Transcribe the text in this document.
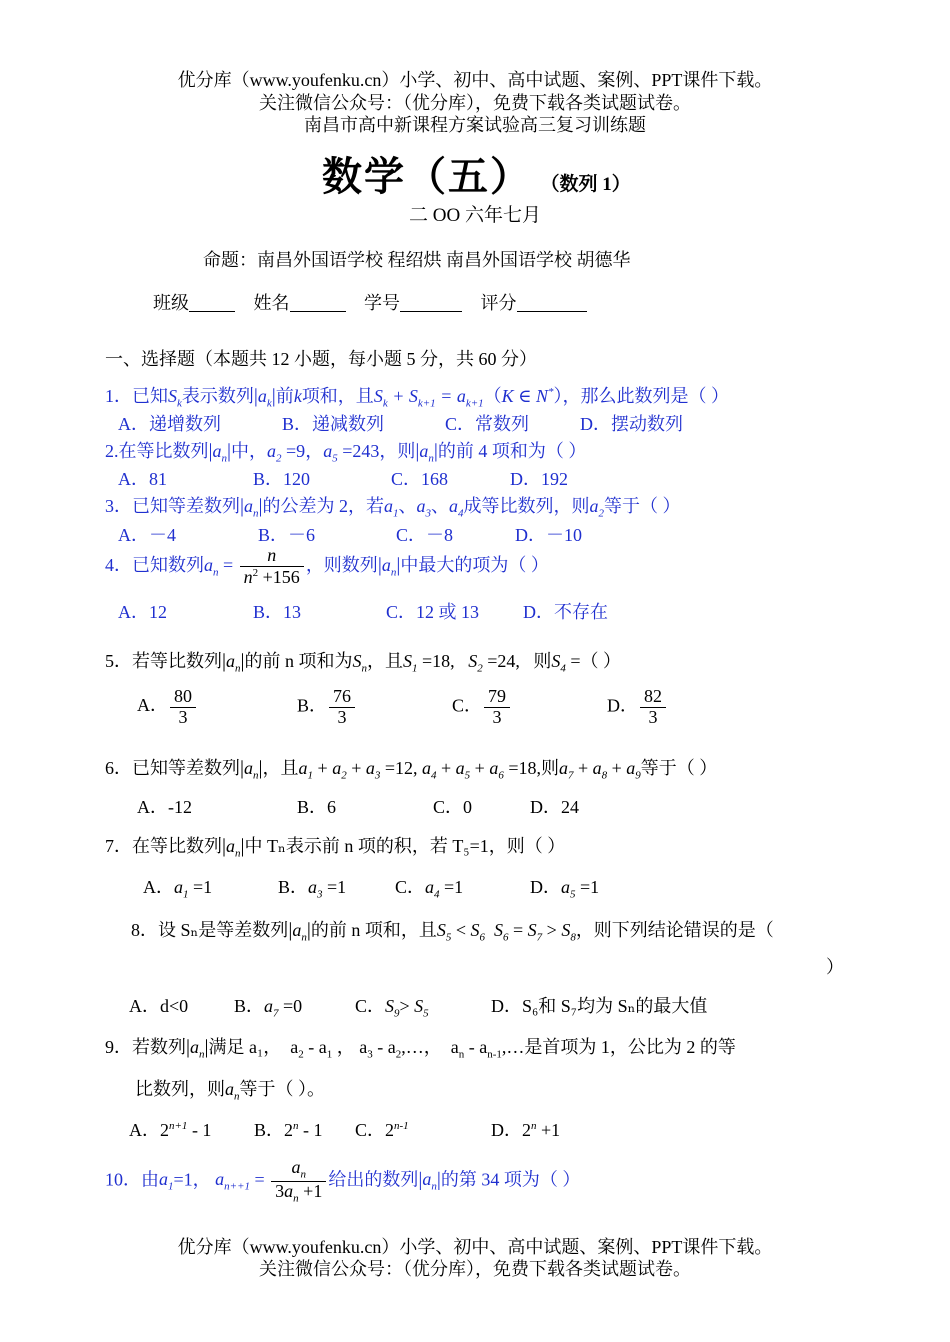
优分库（www.youfenku.cn）小学、初中、高中试题、案例、PPT课件下载。
关注微信公众号：（优分库），免费下载各类试题试卷。
南昌市高中新课程方案试验高三复习训练题
数学（五） （数列 1）
二 OO 六年七月
命题：南昌外国语学校 程绍烘 南昌外国语学校 胡德华
班级	姓名	学号	评分
一、选择题（本题共 12 小题，每小题 5 分，共 60 分）
1．已知$S_k$表示数列$|a_k|$前k项和，且$S_k + S_{k+1} = a_{k+1}(K$ ∈ N*），那么此数列是（ ）
A．递增数列	B．递减数列	C．常数列	D．摆动数列
2.在等比数列$|a_n|$中，$a_2 =9$，$a_5 =243$，则$|a_n|$的前 4 项和为（ ）
A．81	B．120	C．168	D．192
3．已知等差数列$|a_n|$的公差为 2，若$a_1$、$a_3$、$a_4$成等比数列，则$a_2$等于（ ）
A．－4	B．－6	C．－8	D．－10
4．已知数列$a_n = \frac{n}{n^2 +156}$ ，则数列$|a_n|$中最大的项为（ ）
A．12	B．13	C．12 或 13 D．不存在
5．若等比数列$|a_n|$的前 n 项和为$S_n$，且$S_1 =18$,   $S_2 =24$,   则$S_4$ =（ ）
A． $\frac{80}{3}$	B． $\frac{76}{3}$	C． $\frac{79}{3}$	D． $\frac{82}{3}$
6．已知等差数列$|a_n|$，且$a_1 + a_2 + a_3 =12$, $a_4 + a_5 + a_6 =18$,则$a_7 + a_8 + a_9$等于（ ）
A．-12	B．6	C．0	D．24
7．在等比数列$|a_n|$中 Tₙ表示前 n 项的积，若 T₅=1，则（ ）
A．$a_1 =1$	B．$a_3 =1$	C．$a_4 =1$	D．$a_5 =1$
8．设 Sₙ是等差数列$|a_n|$的前 n 项和，且$S_5 < S_6$ $S_6 = S_7 > S_8$，则下列结论错误的是（
）
A．d<0	B．$a_7 =0$	C．$S_9> S_5$	D．S₆和 S₇均为 Sₙ的最大值
9．若数列$|a_n|$满足 a₁，  $a_2 - a_1$ ， $a_3$ - $a_2,\dots$，  $a_n$ - $a_{n-1},\dots$是首项为 1，公比为 2 的等
比数列，则$a_n$等于（ ）。
A．$2^{n+1} - 1$ B．2$^n$ - 1 C．2$^{n-1}$	D．$2^n +1$
10．由$a_1=1$， $a_{n++1} = \frac{a_n}{3a_n +1}$ 给出的数列$|a_n|$的第 34 项为（ ）
优分库（www.youfenku.cn）小学、初中、高中试题、案例、PPT课件下载。
关注微信公众号：（优分库），免费下载各类试题试卷。
